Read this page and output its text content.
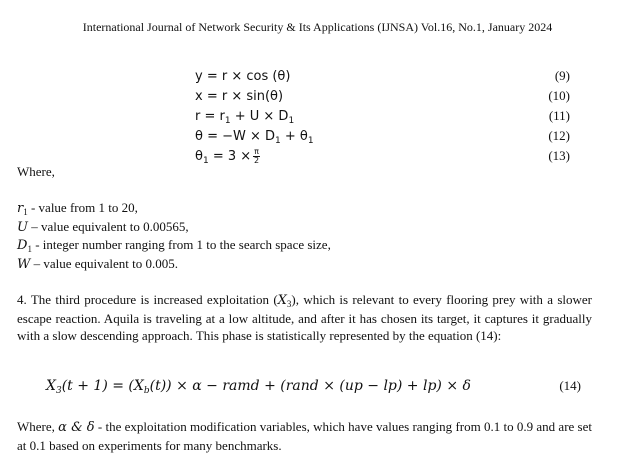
International Journal of Network Security & Its Applications (IJNSA) Vol.16, No.1, January 2024
y = r × cos (θ)	(9)
x = r × sin(θ)	(10)
$r = r_1 + U \times D_1$	(11)
$\theta = -W \times D_1 + \theta_1$	(12)
$\theta_1 = 3 \times \frac{\pi}{2}$	(13)
Where,
$r_1$ - value from 1 to 20,
U – value equivalent to 0.00565,
$D_1$ - integer number ranging from 1 to the search space size,
W – value equivalent to 0.005.
4. The third procedure is increased exploitation $(X_3)$, which is relevant to every flooring prey with a slower escape reaction. Aquila is traveling at a low altitude, and after it has chosen its target, it captures it gradually with a slow descending approach. This phase is statistically represented by the equation (14):
$X_3(t + 1) = (X_b(t)) \times \alpha$ − ramd + (rand × (up − lp) + lp) × δ	(14)
Where, α & δ - the exploitation modification variables, which have values ranging from 0.1 to 0.9 and are set at 0.1 based on experiments for many benchmarks.
